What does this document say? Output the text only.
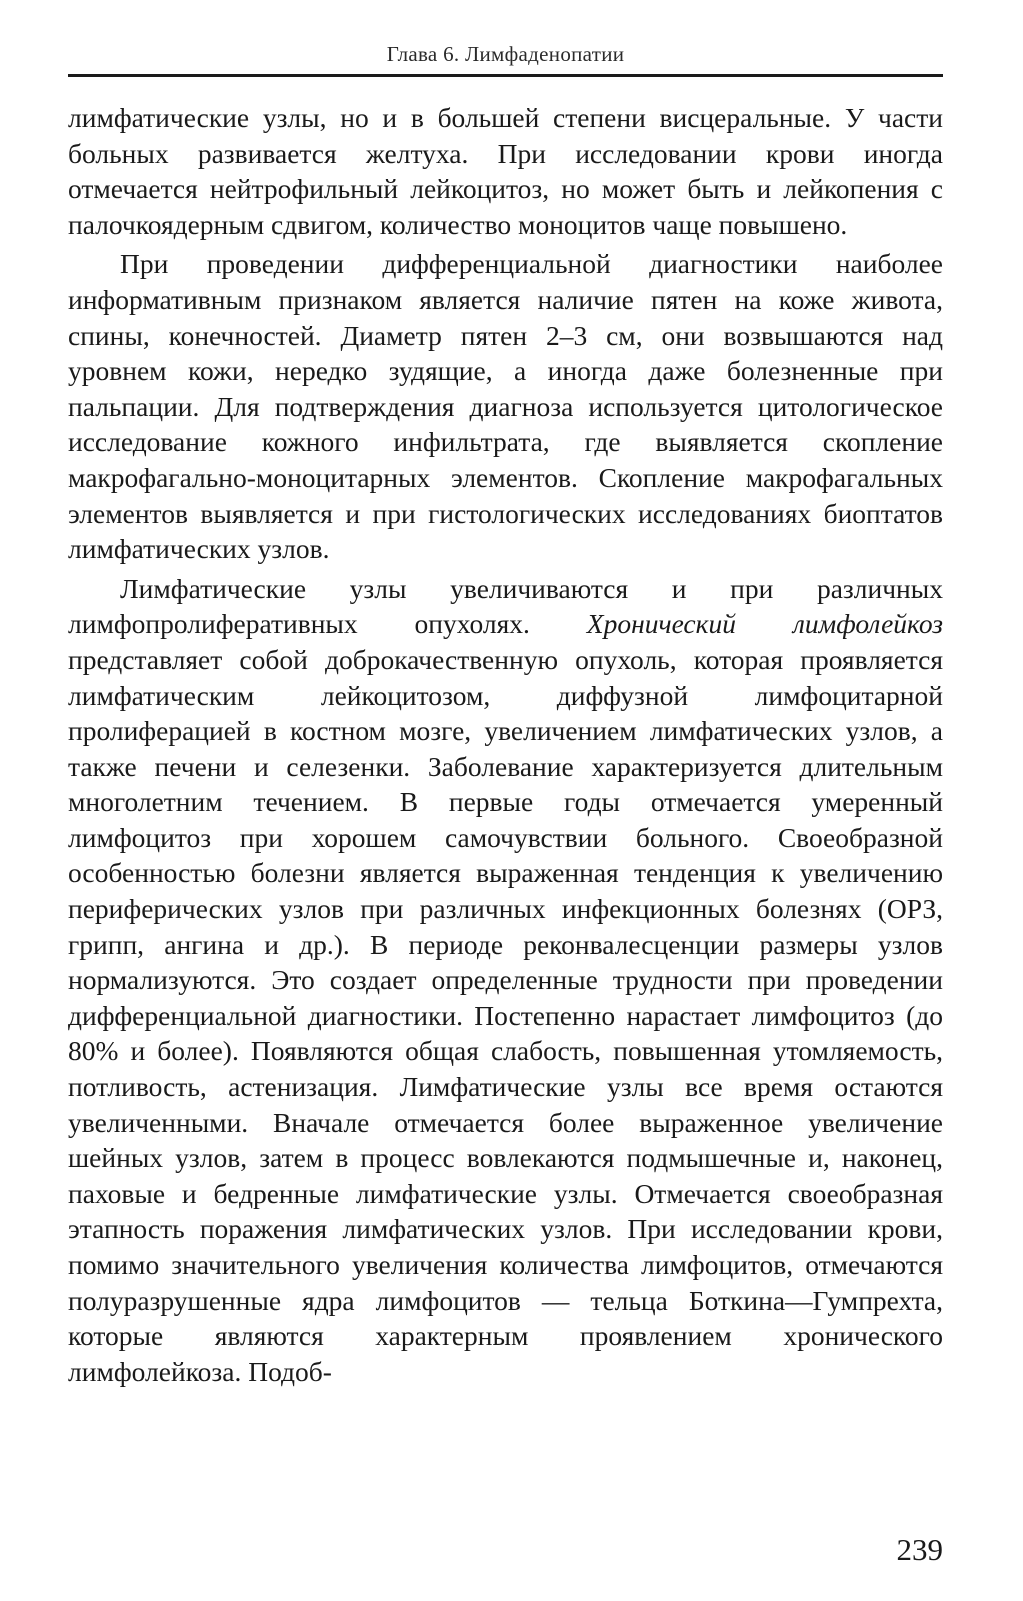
Глава 6. Лимфаденопатии

лимфатические узлы, но и в большей степени висцеральные. У части больных развивается желтуха. При исследовании крови иногда отмечается нейтрофильный лейкоцитоз, но может быть и лейкопения с палочкоядерным сдвигом, количество моноцитов чаще повышено.

При проведении дифференциальной диагностики наиболее информативным признаком является наличие пятен на коже живота, спины, конечностей. Диаметр пятен 2–3 см, они возвышаются над уровнем кожи, нередко зудящие, а иногда даже болезненные при пальпации. Для подтверждения диагноза используется цитологическое исследование кожного инфильтрата, где выявляется скопление макрофагально-моноцитарных элементов. Скопление макрофагальных элементов выявляется и при гистологических исследованиях биоптатов лимфатических узлов.

Лимфатические узлы увеличиваются и при различных лимфопролиферативных опухолях. Хронический лимфолейкоз представляет собой доброкачественную опухоль, которая проявляется лимфатическим лейкоцитозом, диффузной лимфоцитарной пролиферацией в костном мозге, увеличением лимфатических узлов, а также печени и селезенки. Заболевание характеризуется длительным многолетним течением. В первые годы отмечается умеренный лимфоцитоз при хорошем самочувствии больного. Своеобразной особенностью болезни является выраженная тенденция к увеличению периферических узлов при различных инфекционных болезнях (ОРЗ, грипп, ангина и др.). В периоде реконвалесценции размеры узлов нормализуются. Это создает определенные трудности при проведении дифференциальной диагностики. Постепенно нарастает лимфоцитоз (до 80% и более). Появляются общая слабость, повышенная утомляемость, потливость, астенизация. Лимфатические узлы все время остаются увеличенными. Вначале отмечается более выраженное увеличение шейных узлов, затем в процесс вовлекаются подмышечные и, наконец, паховые и бедренные лимфатические узлы. Отмечается своеобразная этапность поражения лимфатических узлов. При исследовании крови, помимо значительного увеличения количества лимфоцитов, отмечаются полуразрушенные ядра лимфоцитов — тельца Боткина—Гумпрехта, которые являются характерным проявлением хронического лимфолейкоза. Подоб-

239
